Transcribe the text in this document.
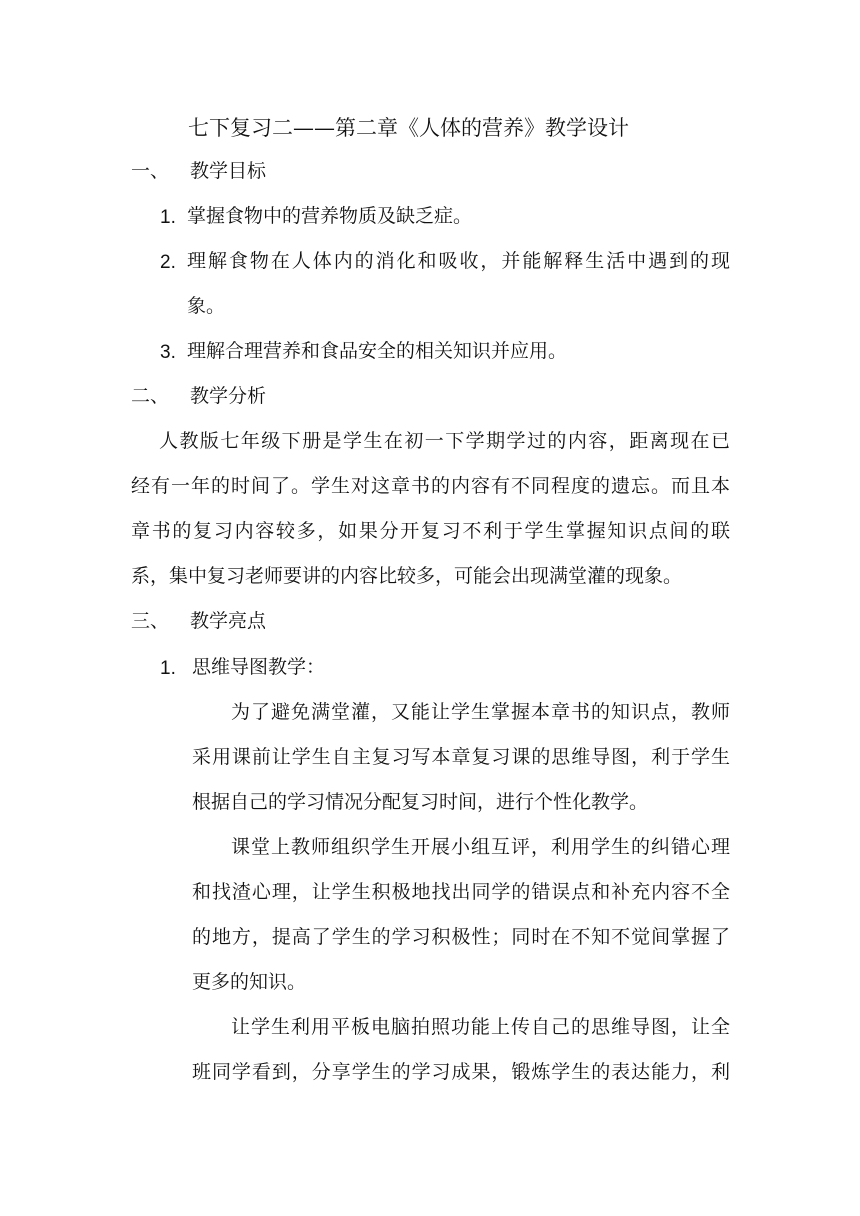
七下复习二——第二章《人体的营养》教学设计
一、 教学目标
1. 掌握食物中的营养物质及缺乏症。
2. 理解食物在人体内的消化和吸收，并能解释生活中遇到的现
象。
3. 理解合理营养和食品安全的相关知识并应用。
二、 教学分析
人教版七年级下册是学生在初一下学期学过的内容，距离现在已
经有一年的时间了。学生对这章书的内容有不同程度的遗忘。而且本
章书的复习内容较多，如果分开复习不利于学生掌握知识点间的联
系，集中复习老师要讲的内容比较多，可能会出现满堂灌的现象。
三、 教学亮点
1. 思维导图教学：
为了避免满堂灌，又能让学生掌握本章书的知识点，教师
采用课前让学生自主复习写本章复习课的思维导图，利于学生
根据自己的学习情况分配复习时间，进行个性化教学。
课堂上教师组织学生开展小组互评，利用学生的纠错心理
和找渣心理，让学生积极地找出同学的错误点和补充内容不全
的地方，提高了学生的学习积极性；同时在不知不觉间掌握了
更多的知识。
让学生利用平板电脑拍照功能上传自己的思维导图，让全
班同学看到，分享学生的学习成果，锻炼学生的表达能力，利
